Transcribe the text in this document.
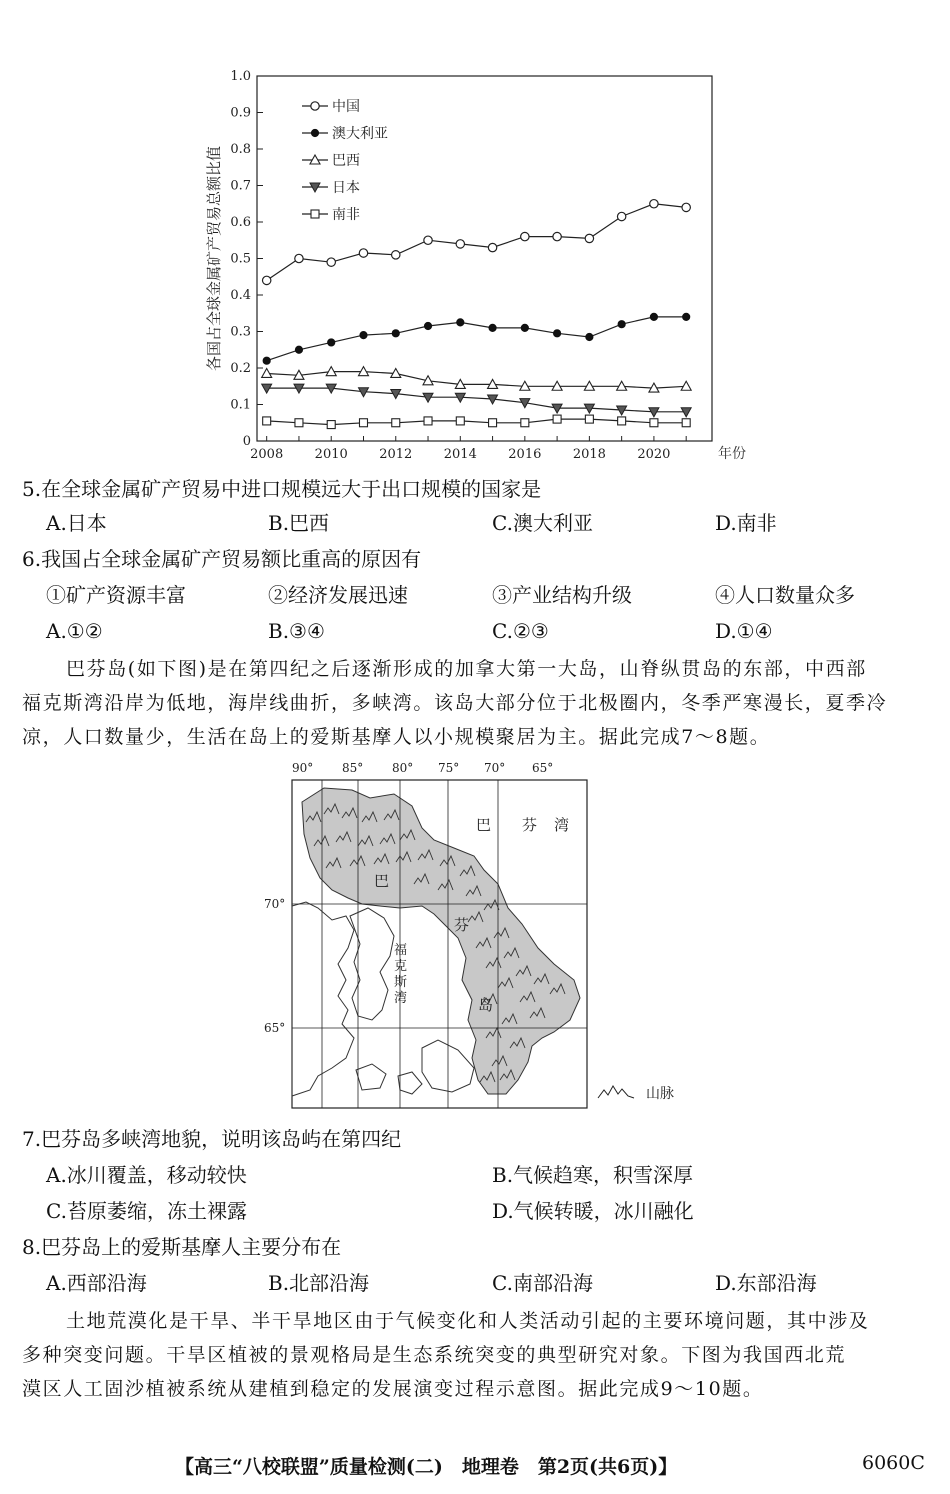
0
0.1
0.2
0.3
0.4
0.5
0.6
0.7
0.8
0.9
1.0
2008 2010 2012 2014 2016 2018 2020	年份
各国占全球金属矿产贸易总额比值
中国
澳大利亚
巴西
日本
南非
5.在全球金属矿产贸易中进口规模远大于出口规模的国家是
A.日本	B.巴西	C.澳大利亚	D.南非
6.我国占全球金属矿产贸易额比重高的原因有
①矿产资源丰富	②经济发展迅速	③产业结构升级	④人口数量众多
A.①②	B.③④	C.②③	D.①④
巴芬岛(如下图)是在第四纪之后逐渐形成的加拿大第一大岛，山脊纵贯岛的东部，中西部
福克斯湾沿岸为低地，海岸线曲折，多峡湾。该岛大部分位于北极圈内，冬季严寒漫长，夏季冷
凉，人口数量少，生活在岛上的爱斯基摩人以小规模聚居为主。据此完成7～8题。
90° 85° 80° 75° 70° 65°
70°
65°
巴 芬 湾
巴
芬
岛
福
克
斯
湾
山脉
7.巴芬岛多峡湾地貌，说明该岛屿在第四纪
A.冰川覆盖，移动较快	B.气候趋寒，积雪深厚
C.苔原萎缩，冻土裸露	D.气候转暖，冰川融化
8.巴芬岛上的爱斯基摩人主要分布在
A.西部沿海	B.北部沿海	C.南部沿海	D.东部沿海
土地荒漠化是干旱、半干旱地区由于气候变化和人类活动引起的主要环境问题，其中涉及
多种突变问题。干旱区植被的景观格局是生态系统突变的典型研究对象。下图为我国西北荒
漠区人工固沙植被系统从建植到稳定的发展演变过程示意图。据此完成9～10题。
【高三“八校联盟”质量检测(二)　地理卷　第2页(共6页)】	6060C
